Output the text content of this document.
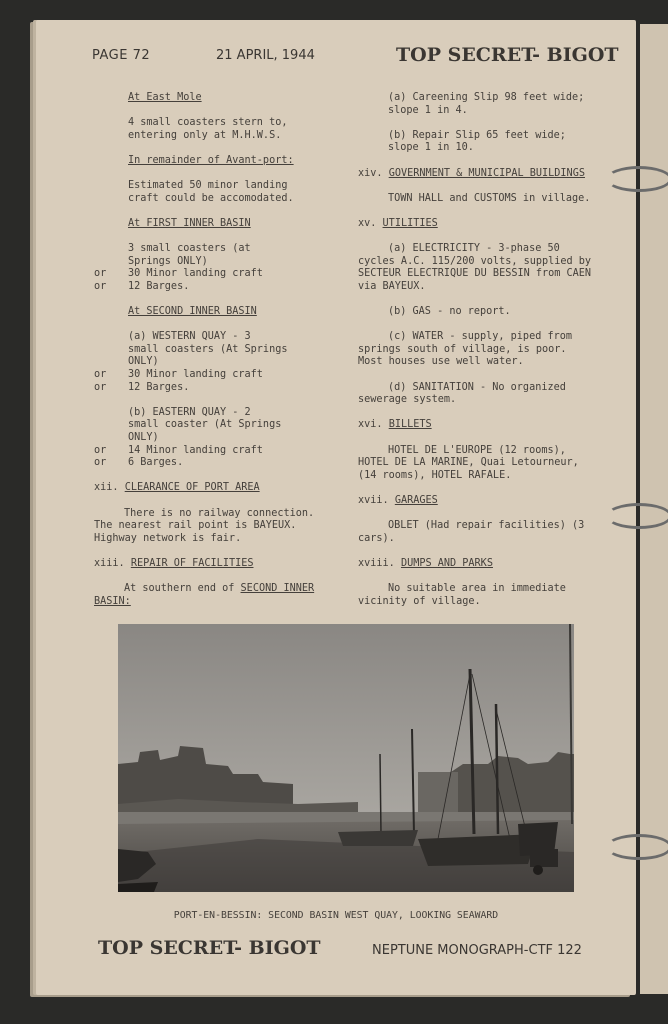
PAGE 72	21 APRIL, 1944	TOP SECRET- BIGOT

At East Mole

4 small coasters stern to,
entering only at M.H.W.S.

In remainder of Avant-port:

Estimated 50 minor landing
craft could be accomodated.

At FIRST INNER BASIN

3 small coasters (at
Springs ONLY)
or 30 Minor landing craft
or 12 Barges.

At SECOND INNER BASIN

(a) WESTERN QUAY - 3
small coasters (At Springs
ONLY)
or 30 Minor landing craft
or 12 Barges.

(b) EASTERN QUAY - 2
small coaster (At Springs
ONLY)
or 14 Minor landing craft
or 6 Barges.

xii. CLEARANCE OF PORT AREA

There is no railway connection.
The nearest rail point is BAYEUX.
Highway network is fair.

xiii. REPAIR OF FACILITIES

At southern end of SECOND INNER
BASIN:

(a) Careening Slip 98 feet wide;
slope 1 in 4.

(b) Repair Slip 65 feet wide;
slope 1 in 10.

xiv. GOVERNMENT & MUNICIPAL BUILDINGS

TOWN HALL and CUSTOMS in village.

xv. UTILITIES

(a) ELECTRICITY - 3-phase 50
cycles A.C. 115/200 volts, supplied by
SECTEUR ELECTRIQUE DU BESSIN from CAEN
via BAYEUX.

(b) GAS - no report.

(c) WATER - supply, piped from
springs south of village, is poor.
Most houses use well water.

(d) SANITATION - No organized
sewerage system.

xvi. BILLETS

HOTEL DE L'EUROPE (12 rooms),
HOTEL DE LA MARINE, Quai Letourneur,
(14 rooms), HOTEL RAFALE.

xvii. GARAGES

OBLET (Had repair facilities) (3
cars).

xviii. DUMPS AND PARKS

No suitable area in immediate
vicinity of village.

PORT-EN-BESSIN: SECOND BASIN WEST QUAY, LOOKING SEAWARD
TOP SECRET- BIGOT	NEPTUNE MONOGRAPH-CTF 122
